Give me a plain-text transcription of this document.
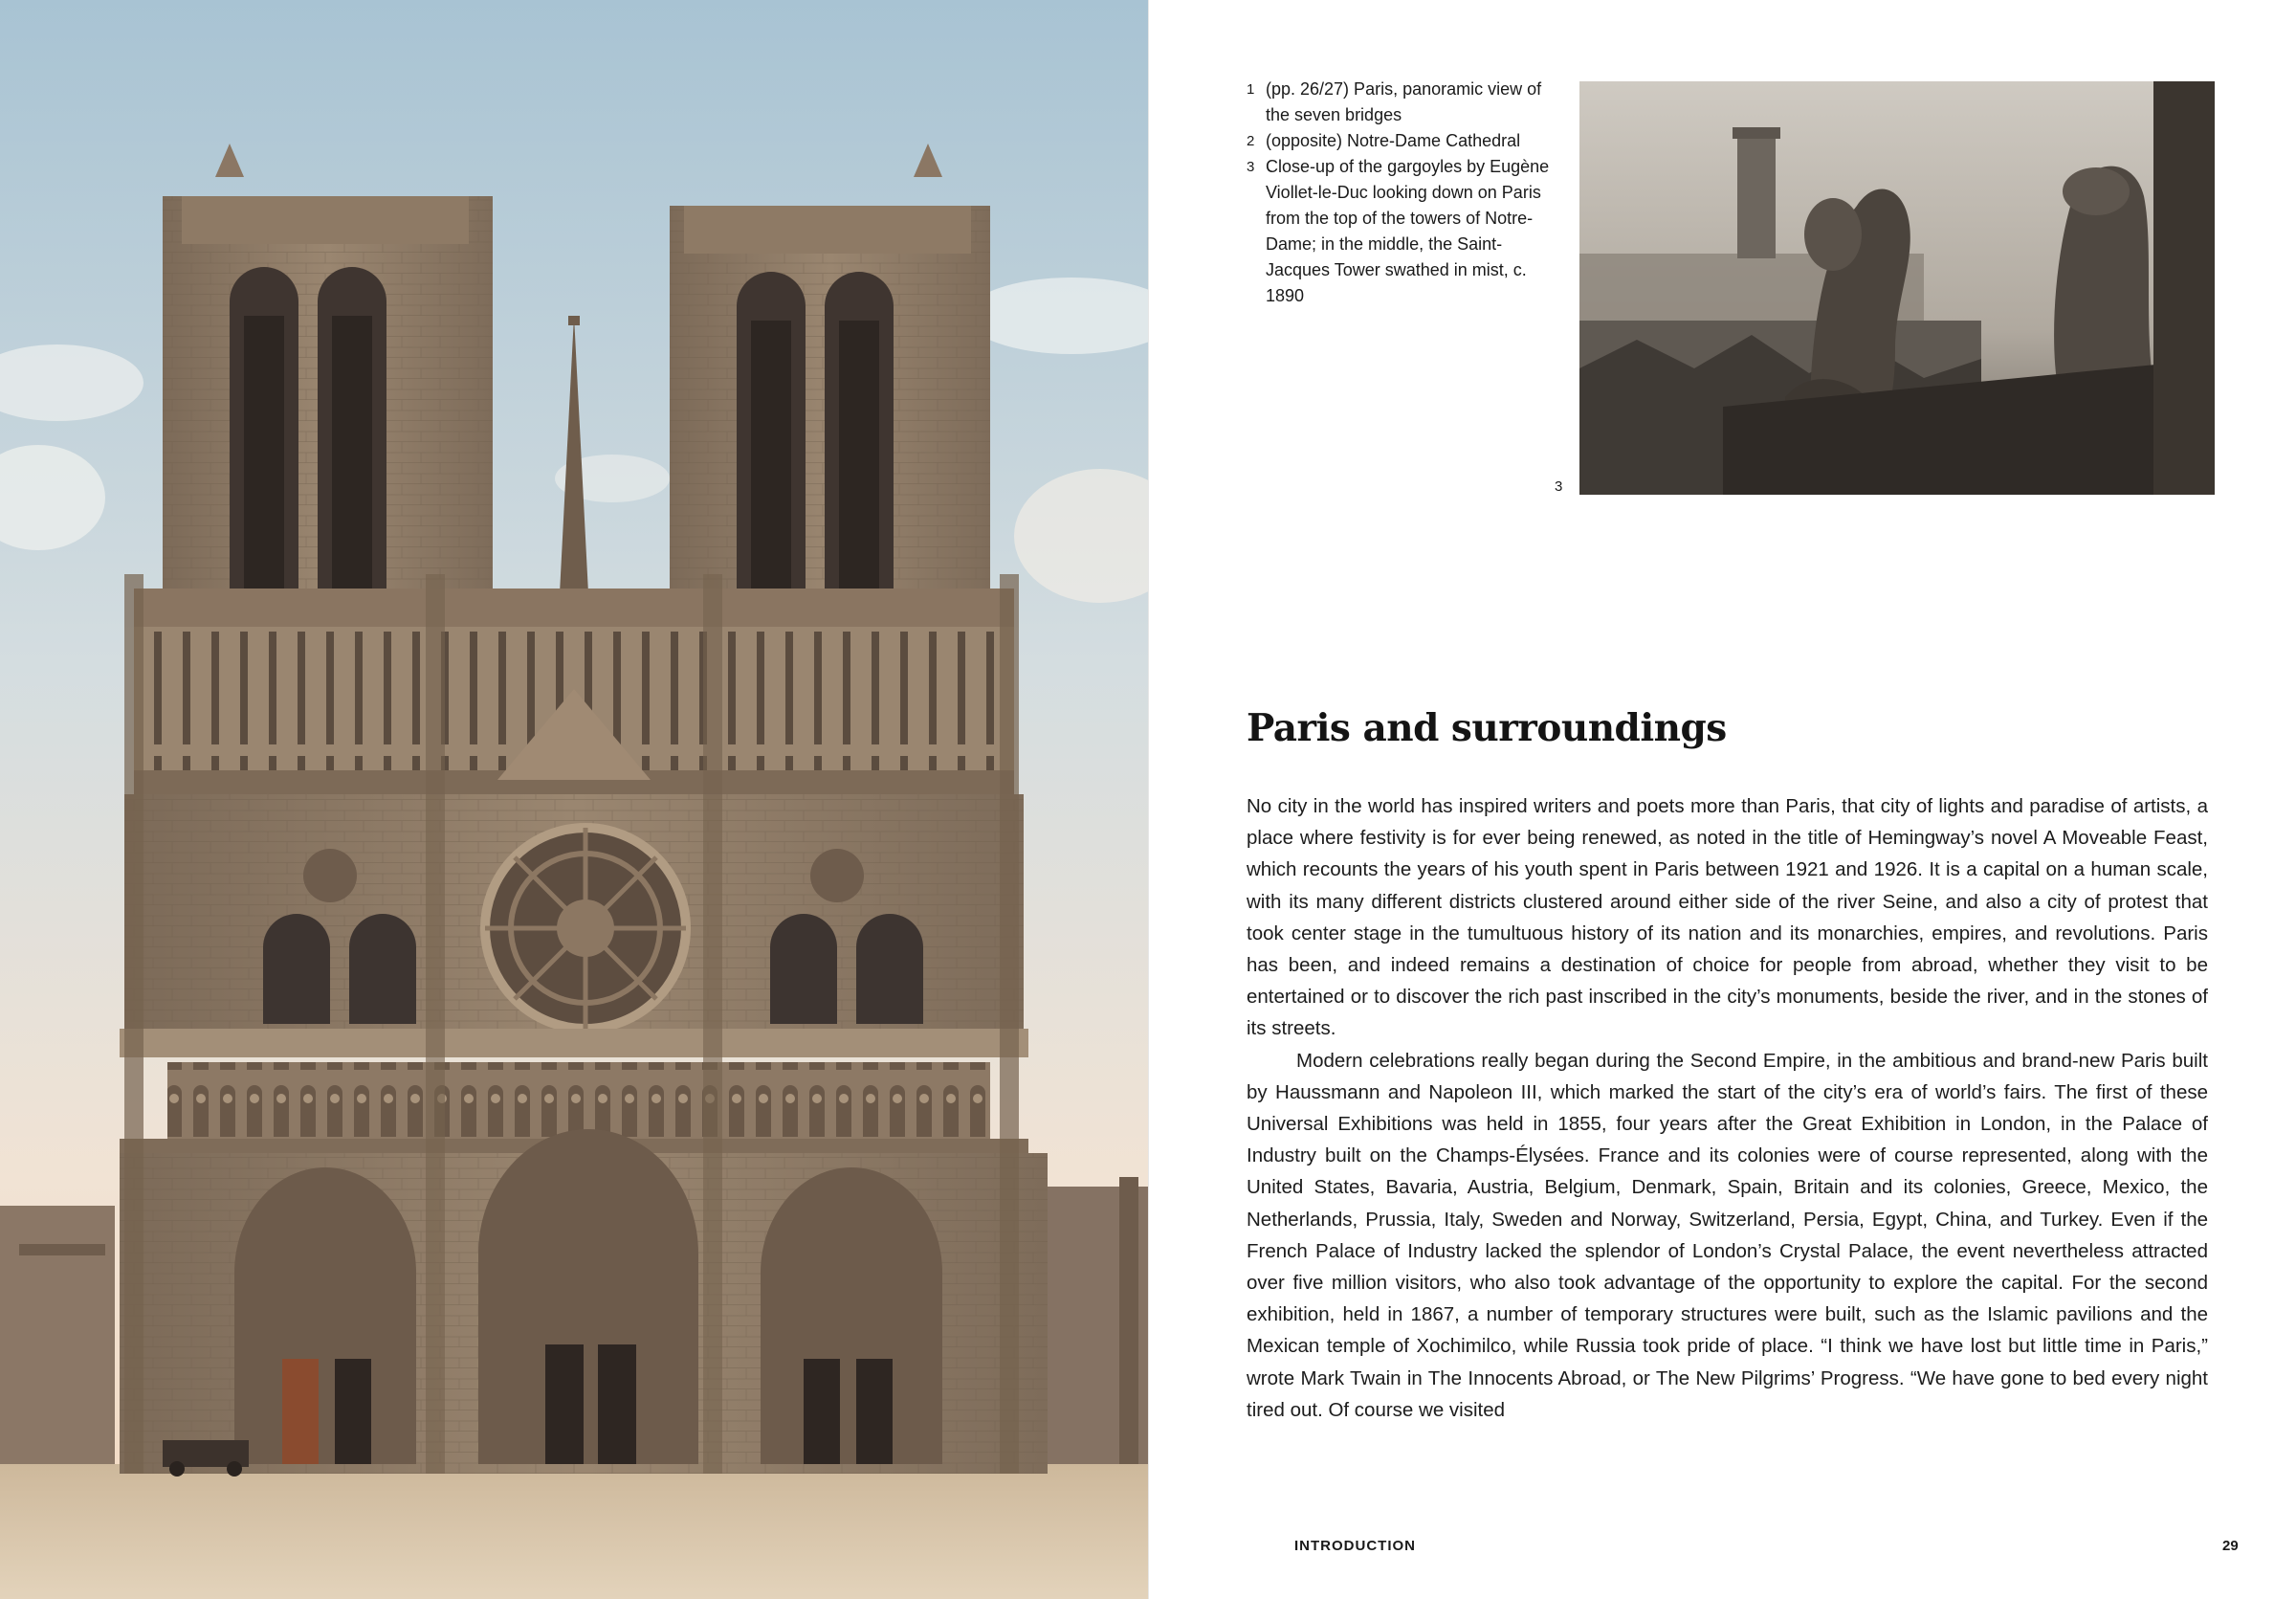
1 (pp. 26/27) Paris, panoramic view of the seven bridges
2 (opposite) Notre-Dame Cathedral
3 Close-up of the gargoyles by Eugène Viollet-le-Duc looking down on Paris from the top of the towers of Notre-Dame; in the middle, the Saint-Jacques Tower swathed in mist, c. 1890
3
Paris and surroundings

No city in the world has inspired writers and poets more than Paris, that city of lights and paradise of artists, a place where festivity is for ever being renewed, as noted in the title of Hemingway’s novel A Moveable Feast, which recounts the years of his youth spent in Paris between 1921 and 1926. It is a capital on a human scale, with its many different districts clustered around either side of the river Seine, and also a city of protest that took center stage in the tumultuous history of its nation and its monarchies, empires, and revolutions. Paris has been, and indeed remains a destination of choice for people from abroad, whether they visit to be entertained or to discover the rich past inscribed in the city’s monuments, beside the river, and in the stones of its streets.

Modern celebrations really began during the Second Empire, in the ambitious and brand-new Paris built by Haussmann and Napoleon III, which marked the start of the city’s era of world’s fairs. The first of these Universal Exhibitions was held in 1855, four years after the Great Exhibition in London, in the Palace of Industry built on the Champs-Élysées. France and its colonies were of course represented, along with the United States, Bavaria, Austria, Belgium, Denmark, Spain, Britain and its colonies, Greece, Mexico, the Netherlands, Prussia, Italy, Sweden and Norway, Switzerland, Persia, Egypt, China, and Turkey. Even if the French Palace of Industry lacked the splendor of London’s Crystal Palace, the event nevertheless attracted over five million visitors, who also took advantage of the opportunity to explore the capital. For the second exhibition, held in 1867, a number of temporary structures were built, such as the Islamic pavilions and the Mexican temple of Xochimilco, while Russia took pride of place. “I think we have lost but little time in Paris,” wrote Mark Twain in The Innocents Abroad, or The New Pilgrims’ Progress. “We have gone to bed every night tired out. Of course we visited

INTRODUCTION	29
